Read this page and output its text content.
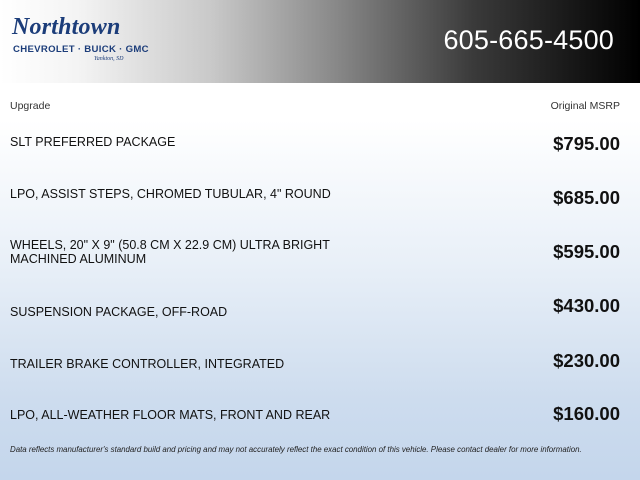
Northtown
CHEVROLET · BUICK · GMC
Yankton, SD
605-665-4500
Upgrade	Original MSRP
SLT PREFERRED PACKAGE	$795.00
LPO, ASSIST STEPS, CHROMED TUBULAR, 4" ROUND	$685.00
WHEELS, 20" X 9" (50.8 CM X 22.9 CM) ULTRA BRIGHT MACHINED ALUMINUM	$595.00
SUSPENSION PACKAGE, OFF-ROAD	$430.00
TRAILER BRAKE CONTROLLER, INTEGRATED	$230.00
LPO, ALL-WEATHER FLOOR MATS, FRONT AND REAR	$160.00
Data reflects manufacturer's standard build and pricing and may not accurately reflect the exact condition of this vehicle. Please contact dealer for more information.
